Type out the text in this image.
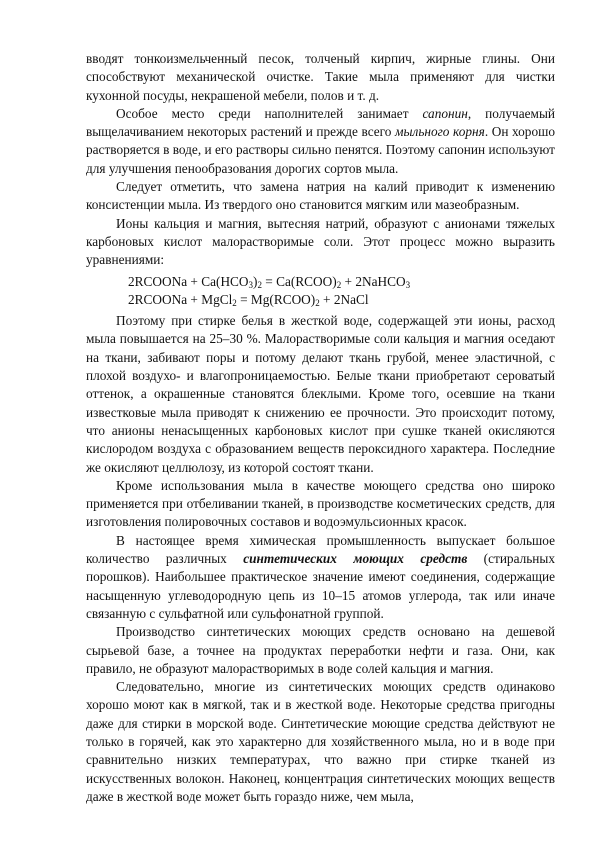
вводят тонкоизмельченный песок, толченый кирпич, жирные глины. Они способствуют механической очистке. Такие мыла применяют для чистки кухонной посуды, некрашеной мебели, полов и т. д.

Особое место среди наполнителей занимает сапонин, получаемый выщелачиванием некоторых растений и прежде всего мыльного корня. Он хорошо растворяется в воде, и его растворы сильно пенятся. Поэтому сапонин используют для улучшения пенообразования дорогих сортов мыла.

Следует отметить, что замена натрия на калий приводит к изменению консистенции мыла. Из твердого оно становится мягким или мазеобразным.

Ионы кальция и магния, вытесняя натрий, образуют с анионами тяжелых карбоновых кислот малорастворимые соли. Этот процесс можно выразить уравнениями:

2RCOONa + $Ca(HCO_3)_2$ = $Ca(RCOO)_2$ + 2NaHCO$_3$

2RCOONa + MgCl$_2$ = $Mg(RCOO)_2$ + 2NaCl

Поэтому при стирке белья в жесткой воде, содержащей эти ионы, расход мыла повышается на 25–30 %. Малорастворимые соли кальция и магния оседают на ткани, забивают поры и потому делают ткань грубой, менее эластичной, с плохой воздухо- и влагопроницаемостью. Белые ткани приобретают сероватый оттенок, а окрашенные становятся блеклыми. Кроме того, осевшие на ткани известковые мыла приводят к снижению ее прочности. Это происходит потому, что анионы ненасыщенных карбоновых кислот при сушке тканей окисляются кислородом воздуха с образованием веществ пероксидного характера. Последние же окисляют целлюлозу, из которой состоят ткани.

Кроме использования мыла в качестве моющего средства оно широко применяется при отбеливании тканей, в производстве косметических средств, для изготовления полировочных составов и водоэмульсионных красок.

В настоящее время химическая промышленность выпускает большое количество различных синтетических моющих средств (стиральных порошков). Наибольшее практическое значение имеют соединения, содержащие насыщенную углеводородную цепь из 10–15 атомов углерода, так или иначе связанную с сульфатной или сульфонатной группой.

Производство синтетических моющих средств основано на дешевой сырьевой базе, а точнее на продуктах переработки нефти и газа. Они, как правило, не образуют малорастворимых в воде солей кальция и магния.

Следовательно, многие из синтетических моющих средств одинаково хорошо моют как в мягкой, так и в жесткой воде. Некоторые средства пригодны даже для стирки в морской воде. Синтетические моющие средства действуют не только в горячей, как это характерно для хозяйственного мыла, но и в воде при сравнительно низких температурах, что важно при стирке тканей из искусственных волокон. Наконец, концентрация синтетических моющих веществ даже в жесткой воде может быть гораздо ниже, чем мыла,
